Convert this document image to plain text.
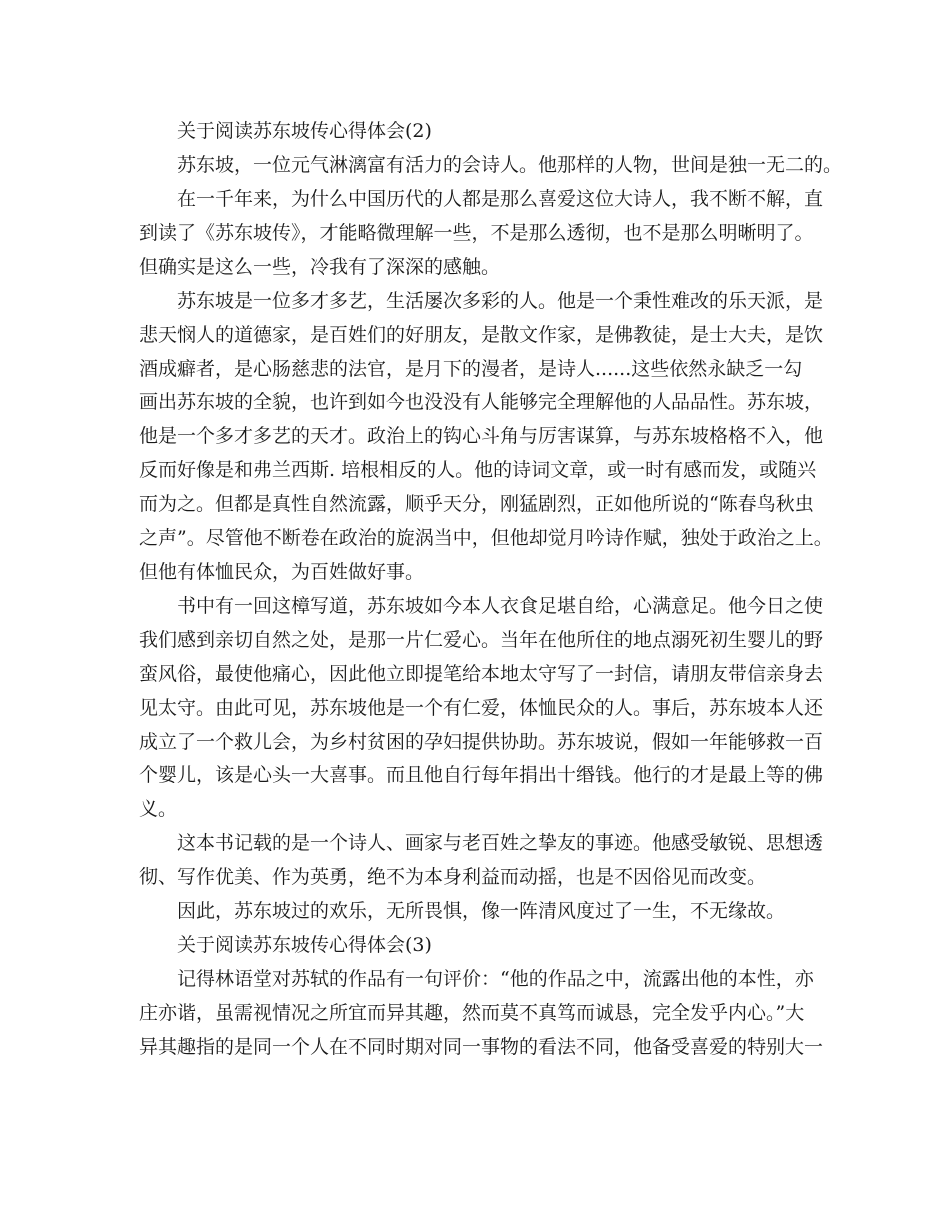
关于阅读苏东坡传心得体会(2)
苏东坡，一位元气淋漓富有活力的会诗人。他那样的人物，世间是独一无二的。
在一千年来，为什么中国历代的人都是那么喜爱这位大诗人，我不断不解，直
到读了《苏东坡传》，才能略微理解一些，不是那么透彻，也不是那么明晰明了。
但确实是这么一些，冷我有了深深的感触。
苏东坡是一位多才多艺，生活屡次多彩的人。他是一个秉性难改的乐天派，是
悲天悯人的道德家，是百姓们的好朋友，是散文作家，是佛教徒，是士大夫，是饮
酒成癖者，是心肠慈悲的法官，是月下的漫者，是诗人......这些依然永缺乏一勾
画出苏东坡的全貌，也许到如今也没没有人能够完全理解他的人品品性。苏东坡，
他是一个多才多艺的天才。政治上的钩心斗角与厉害谋算，与苏东坡格格不入，他
反而好像是和弗兰西斯. 培根相反的人。他的诗词文章，或一时有感而发，或随兴
而为之。但都是真性自然流露，顺乎天分，刚猛剧烈，正如他所说的“陈春鸟秋虫
之声”。尽管他不断卷在政治的旋涡当中，但他却觉月吟诗作赋，独处于政治之上。
但他有体恤民众，为百姓做好事。
书中有一回这樟写道，苏东坡如今本人衣食足堪自给，心满意足。他今日之使
我们感到亲切自然之处，是那一片仁爱心。当年在他所住的地点溺死初生婴儿的野
蛮风俗，最使他痛心，因此他立即提笔给本地太守写了一封信，请朋友带信亲身去
见太守。由此可见，苏东坡他是一个有仁爱，体恤民众的人。事后，苏东坡本人还
成立了一个救儿会，为乡村贫困的孕妇提供协助。苏东坡说，假如一年能够救一百
个婴儿，该是心头一大喜事。而且他自行每年捐出十缗钱。他行的才是最上等的佛
义。
这本书记载的是一个诗人、画家与老百姓之挚友的事迹。他感受敏锐、思想透
彻、写作优美、作为英勇，绝不为本身利益而动摇，也是不因俗见而改变。
因此，苏东坡过的欢乐，无所畏惧，像一阵清风度过了一生，不无缘故。
关于阅读苏东坡传心得体会(3)
记得林语堂对苏轼的作品有一句评价：“他的作品之中，流露出他的本性，亦
庄亦谐，虽需视情况之所宜而异其趣，然而莫不真笃而诚恳，完全发乎内心。”大
异其趣指的是同一个人在不同时期对同一事物的看法不同，他备受喜爱的特别大一
